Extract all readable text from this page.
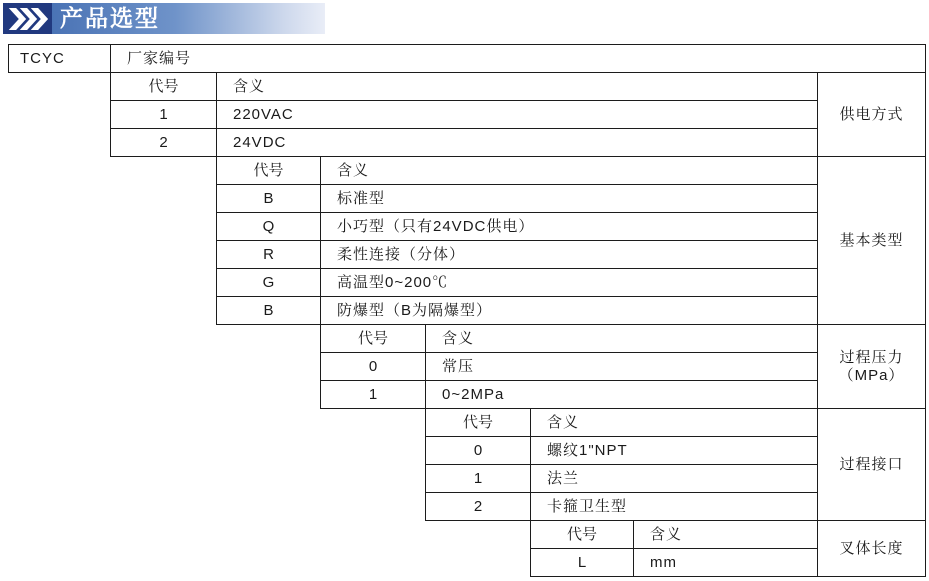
产品选型
TCYC	厂家编号
代号	含义
1	220VAC
2	24VDC
供电方式
代号	含义
B	标准型
Q	小巧型（只有24VDC供电）
R	柔性连接（分体）
G	高温型0~200℃
B	防爆型（B为隔爆型）
基本类型
代号	含义
0	常压
1	0~2MPa
过程压力
（MPa）
代号	含义
0	螺纹1"NPT
1	法兰
2	卡箍卫生型
过程接口
代号	含义
L	mm
叉体长度
